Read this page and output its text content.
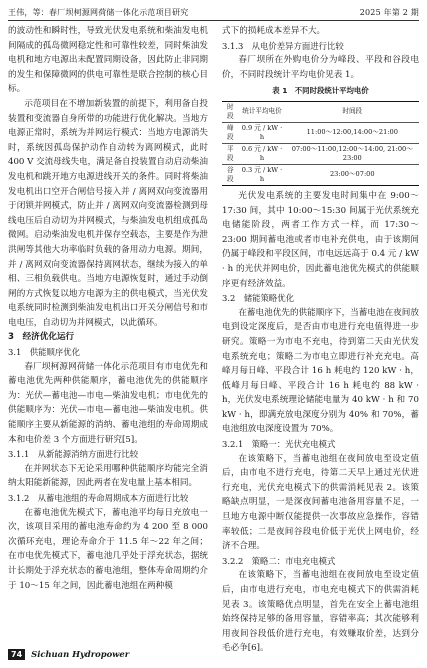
王伟，等：春厂坝柯源网荷储一体化示范项目研究	2025 年第 2 期

的波动性和瞬时性，导致光伏发电系统和柴油发电机间隔成的孤岛微网稳定性和可靠性较差，同时柴油发电机和地方电源出未配置同期设备，因此防止非同期的发生和保障微网的供电可靠性是联合控制的核心目标。

示范项目在不增加新装置的前提下，利用备自投装置和变流器自身所带的功能进行优化解决。当地方电源正常时，系统为并网运行模式：当地方电源消失时，系统因孤岛保护动作自动转为离网模式，此时 400 V 交流母线失电，满足备自投装置自动启动柴油发电机和跳开地方电源进线开关的条件。同时将柴油发电机出口空开合闸信号接入并 / 离网双向变流器用于闭锁并网模式，防止并 / 离网双向变流器检测到母线电压后自动切为并网模式，与柴油发电机组成孤岛微网。启动柴油发电机并保存空载态，主要是作为泄洪闸等其他大功率临时负载的备用动力电源。期间，并 / 离网双向变流器保持离网状态，继续为接入的单相、三相负载供电。当地方电源恢复时，通过手动倒闸的方式恢复以地方电源为主的供电模式，当光伏发电系统同时检测到柴油发电机出口开关分闸信号和市电电压，自动切为并网模式，以此循环。

3　经济优化运行

3.1　供能顺序优化

春厂坝柯源网荷储一体化示范项目有市电优先和蓄电池优先两种供能顺序，蓄电池优先的供能顺序为：光伏—蓄电池—市电—柴油发电机；市电优先的供能顺序为：光伏—市电—蓄电池—柴油发电机。供能顺序主要从新能源的消纳、蓄电池组的寿命周期成本和电价差 3 个方面进行研究[5]。

3.1.1　从新能源消纳方面进行比较

在并网状态下无论采用哪种供能顺序均能完全消纳太阳能新能源，因此两者在发电量上基本相同。

3.1.2　从蓄电池组的寿命周期成本方面进行比较

在蓄电池优先模式下，蓄电池平均每日充放电一次，该项目采用的蓄电池寿命约为 4 200 至 8 000 次循环充电，理论寿命介于 11.5 年～22 年之间；在市电优先模式下，蓄电池几乎处于浮充状态，据统计长期处于浮充状态的蓄电池组，整体寿命周期约介于 10～15 年之间，因此蓄电池组在两种模

式下的损耗成本差异不大。

3.1.3　从电价差异方面进行比较

春厂坝所在外购电价分为峰段、平段和谷段电价，不同时段统计平均电价见表 1。

表 1　不同时段统计平均电价

时段	统计平均电价	时间段
峰段	0.9 元 / kW · h	11:00～12:00,14:00～21:00
平段	0.6 元 / kW · h	07:00～11:00,12:00～14:00, 21:00～23:00
谷段	0.3 元 / kW · h	23:00～07:00

光伏发电系统的主要发电时间集中在 9:00～17:30 间，其中 10:00～15:30 间属于光伏系统充电储能阶段，两者工作方式一样，而 17:30～23:00 期间蓄电池或者市电补充供电，由于该期间仍属于峰段和平段区间，市电远远高于 0.4 元 / kW · h 的光伏并网电价，因此蓄电池优先模式的供能顺序更有经济效益。

3.2　储能策略优化

在蓄电池优先的供能顺序下，当蓄电池在夜间放电到设定深度后，是否由市电进行充电值得进一步研究。策略一为市电不充电，待到第二天由光伏发电系统充电；策略二为市电立即进行补充充电。高峰月每日峰、平段合计 16 h 耗电约 120 kW · h，低峰月每日峰、平段合计 16 h 耗电约 88 kW · h，光伏发电系统理论储能电量为 40 kW · h 和 70 kW · h，即满充放电深度分别为 40% 和 70%，蓄电池组放电深度设置为 70%。

3.2.1　策略一：光伏充电模式

在该策略下，当蓄电池组在夜间放电至设定值后，由市电不进行充电，待第二天早上通过光伏进行充电，光伏充电模式下的供需消耗见表 2。该策略缺点明显，一是深夜间蓄电池备用容量不足，一旦地方电源中断仅能提供一次事故应急操作，容错率较低；二是夜间谷段电价低于光伏上网电价，经济不合理。

3.2.2　策略二：市电充电模式

在该策略下，当蓄电池组在夜间放电至设定值后，由市电进行充电，市电充电模式下的供需消耗见表 3。该策略优点明显，首先在安全上蓄电池组始终保持足够的备用容量，容错率高；其次能够利用夜间谷段低价进行充电，有效赚取价差，达到分毛必争[6]。

74	Sichuan Hydropower
